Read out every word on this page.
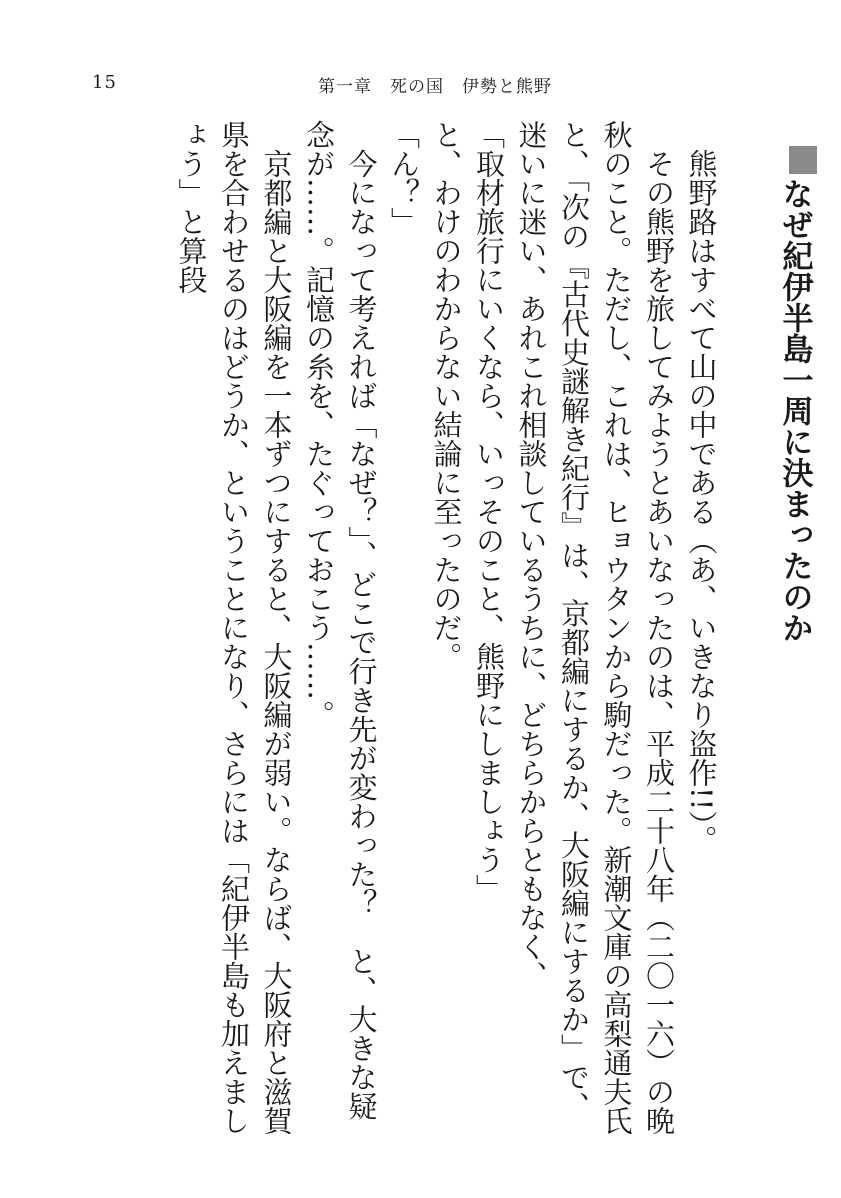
15	第一章　死の国　伊勢と熊野
なぜ紀伊半島一周に決まったのか

熊野路はすべて山の中である（あ、いきなり盗作!!）。

その熊野を旅してみようとあいなったのは、平成二十八年（二〇一六）の晩秋のこと。ただし、これは、ヒョウタンから駒だった。新潮文庫の高梨通夫氏と、「次の『古代史謎解き紀行』は、京都編にするか、大阪編にするか」で、迷いに迷い、あれこれ相談しているうちに、どちらからともなく、

「取材旅行にいくなら、いっそのこと、熊野にしましょう」

と、わけのわからない結論に至ったのだ。

「ん？」

今になって考えれば「なぜ？」、どこで行き先が変わった？　と、大きな疑念が……。記憶の糸を、たぐっておこう……。

京都編と大阪編を一本ずつにすると、大阪編が弱い。ならば、大阪府と滋賀県を合わせるのはどうか、ということになり、さらには「紀伊半島も加えましょう」と算段
